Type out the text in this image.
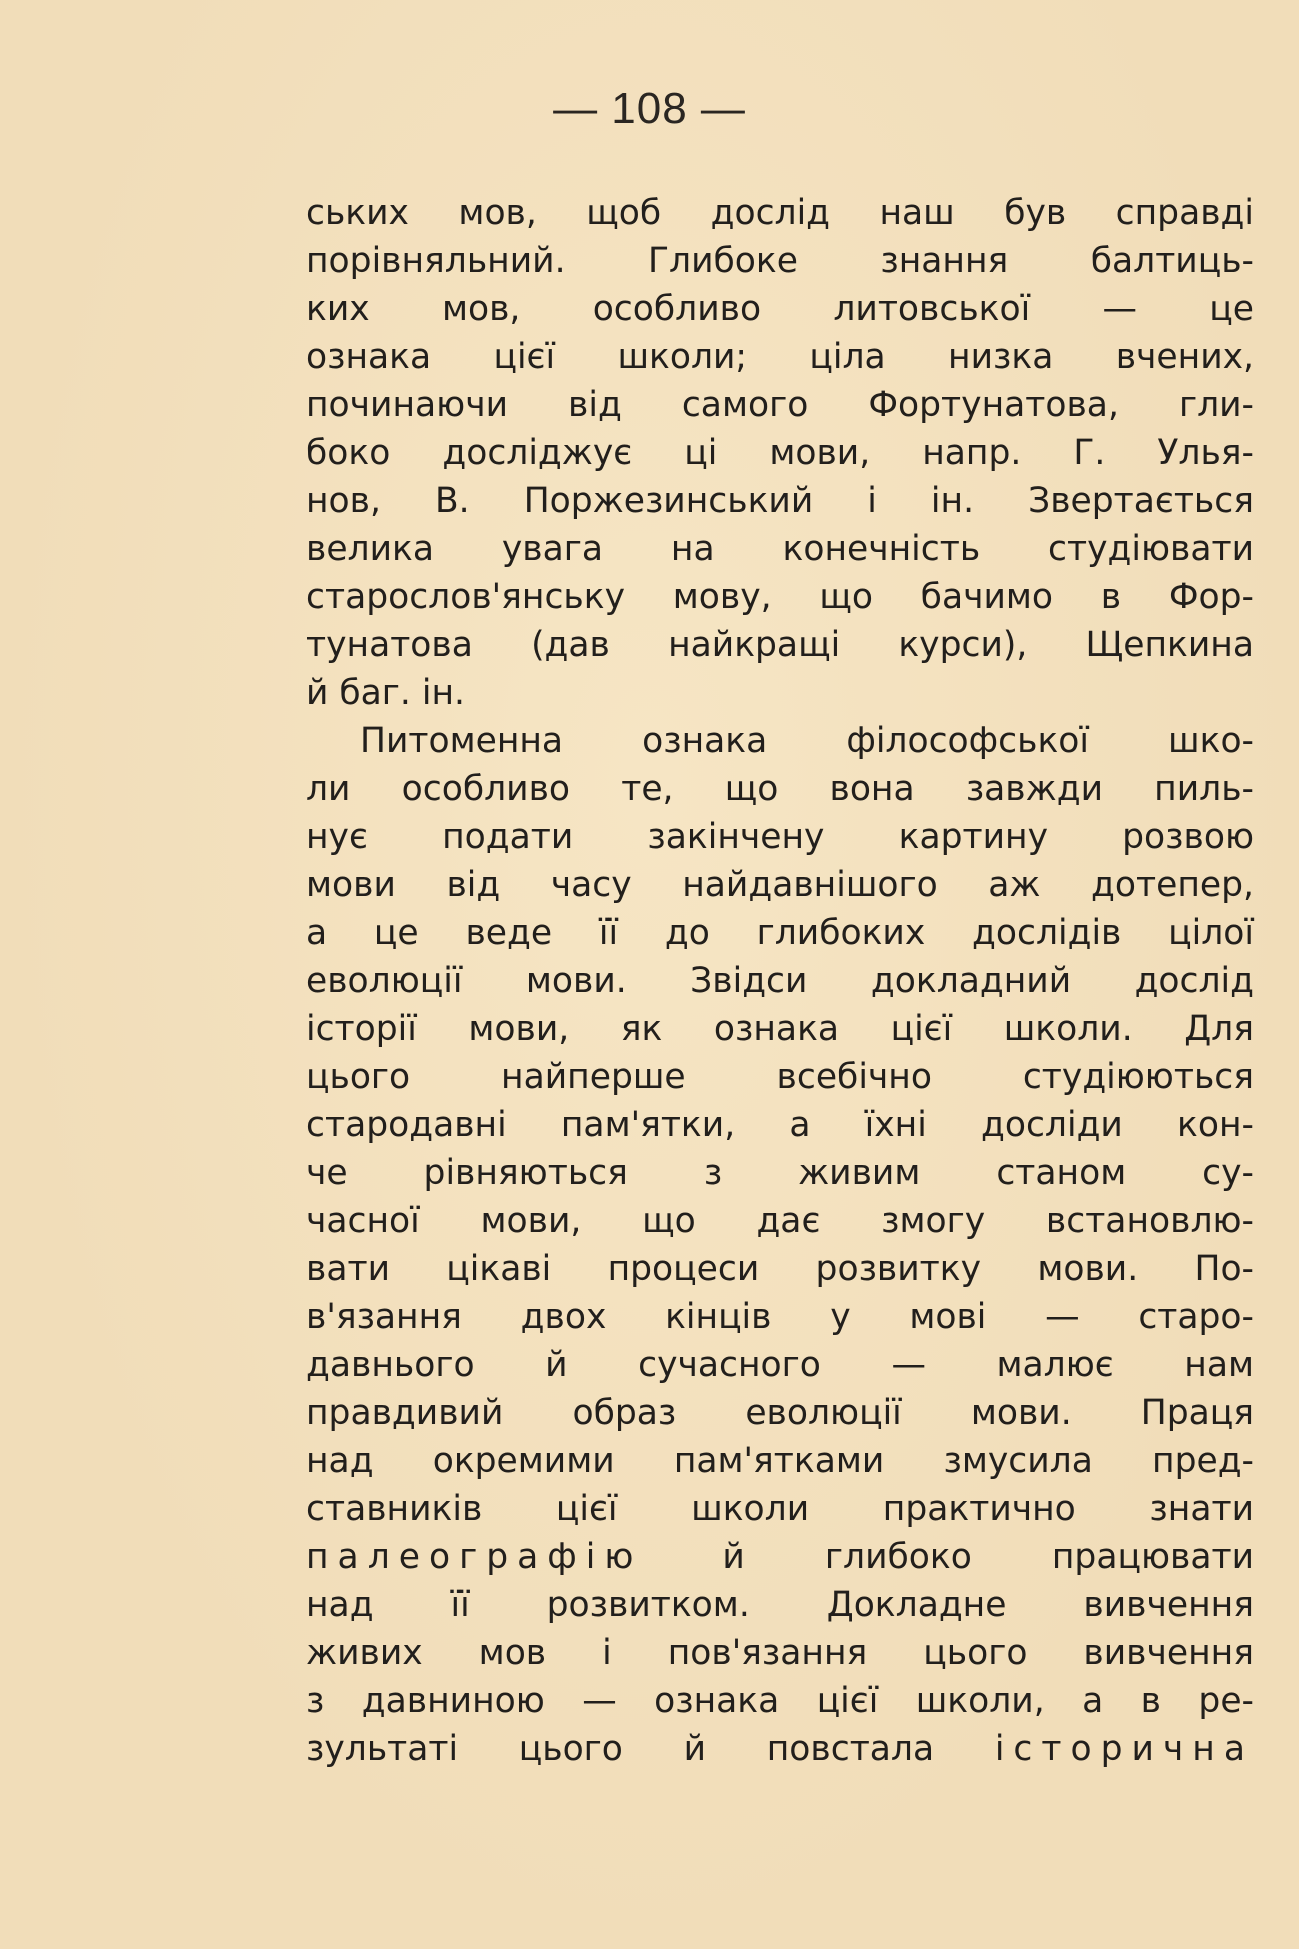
— 108 —
ських мов, щоб дослід наш був справді
порівняльний. Глибоке знання балтиць-
ких мов, особливо литовської — це
ознака цієї школи; ціла низка вчених,
починаючи від самого Фортунатова, гли-
боко досліджує ці мови, напр. Г. Улья-
нов, В. Пoржезинський і ін. Звертається
велика увага на конечність студіювати
старослов'янську мову, що бачимо в Фор-
тунатова (дав найкращі курси), Щепкина
й баг. ін.
Питоменна ознака філософської шко-
ли особливо те, що вона завжди пиль-
нує подати закінчену картину розвою
мови від часу найдавнішого аж дотепер,
а це веде її до глибоких дослідів цілої
еволюції мови. Звідси докладний дослід
історії мови, як ознака цієї школи. Для
цього найперше всебічно студіюються
стародавні пам'ятки, а їхні досліди кон-
че рівняються з живим станом су-
часної мови, що дає змогу встановлю-
вати цікаві процеси розвитку мови. По-
в'язання двох кінців у мові — старо-
давнього й сучасного — малює нам
правдивий образ еволюції мови. Праця
над окремими пам'ятками змусила пред-
ставників цієї школи практично знати
палеографію й глибоко працювати
над її розвитком. Докладне вивчення
живих мов і пов'язання цього вивчення
з давниною — ознака цієї школи, а в ре-
зультаті цього й повстала історична
